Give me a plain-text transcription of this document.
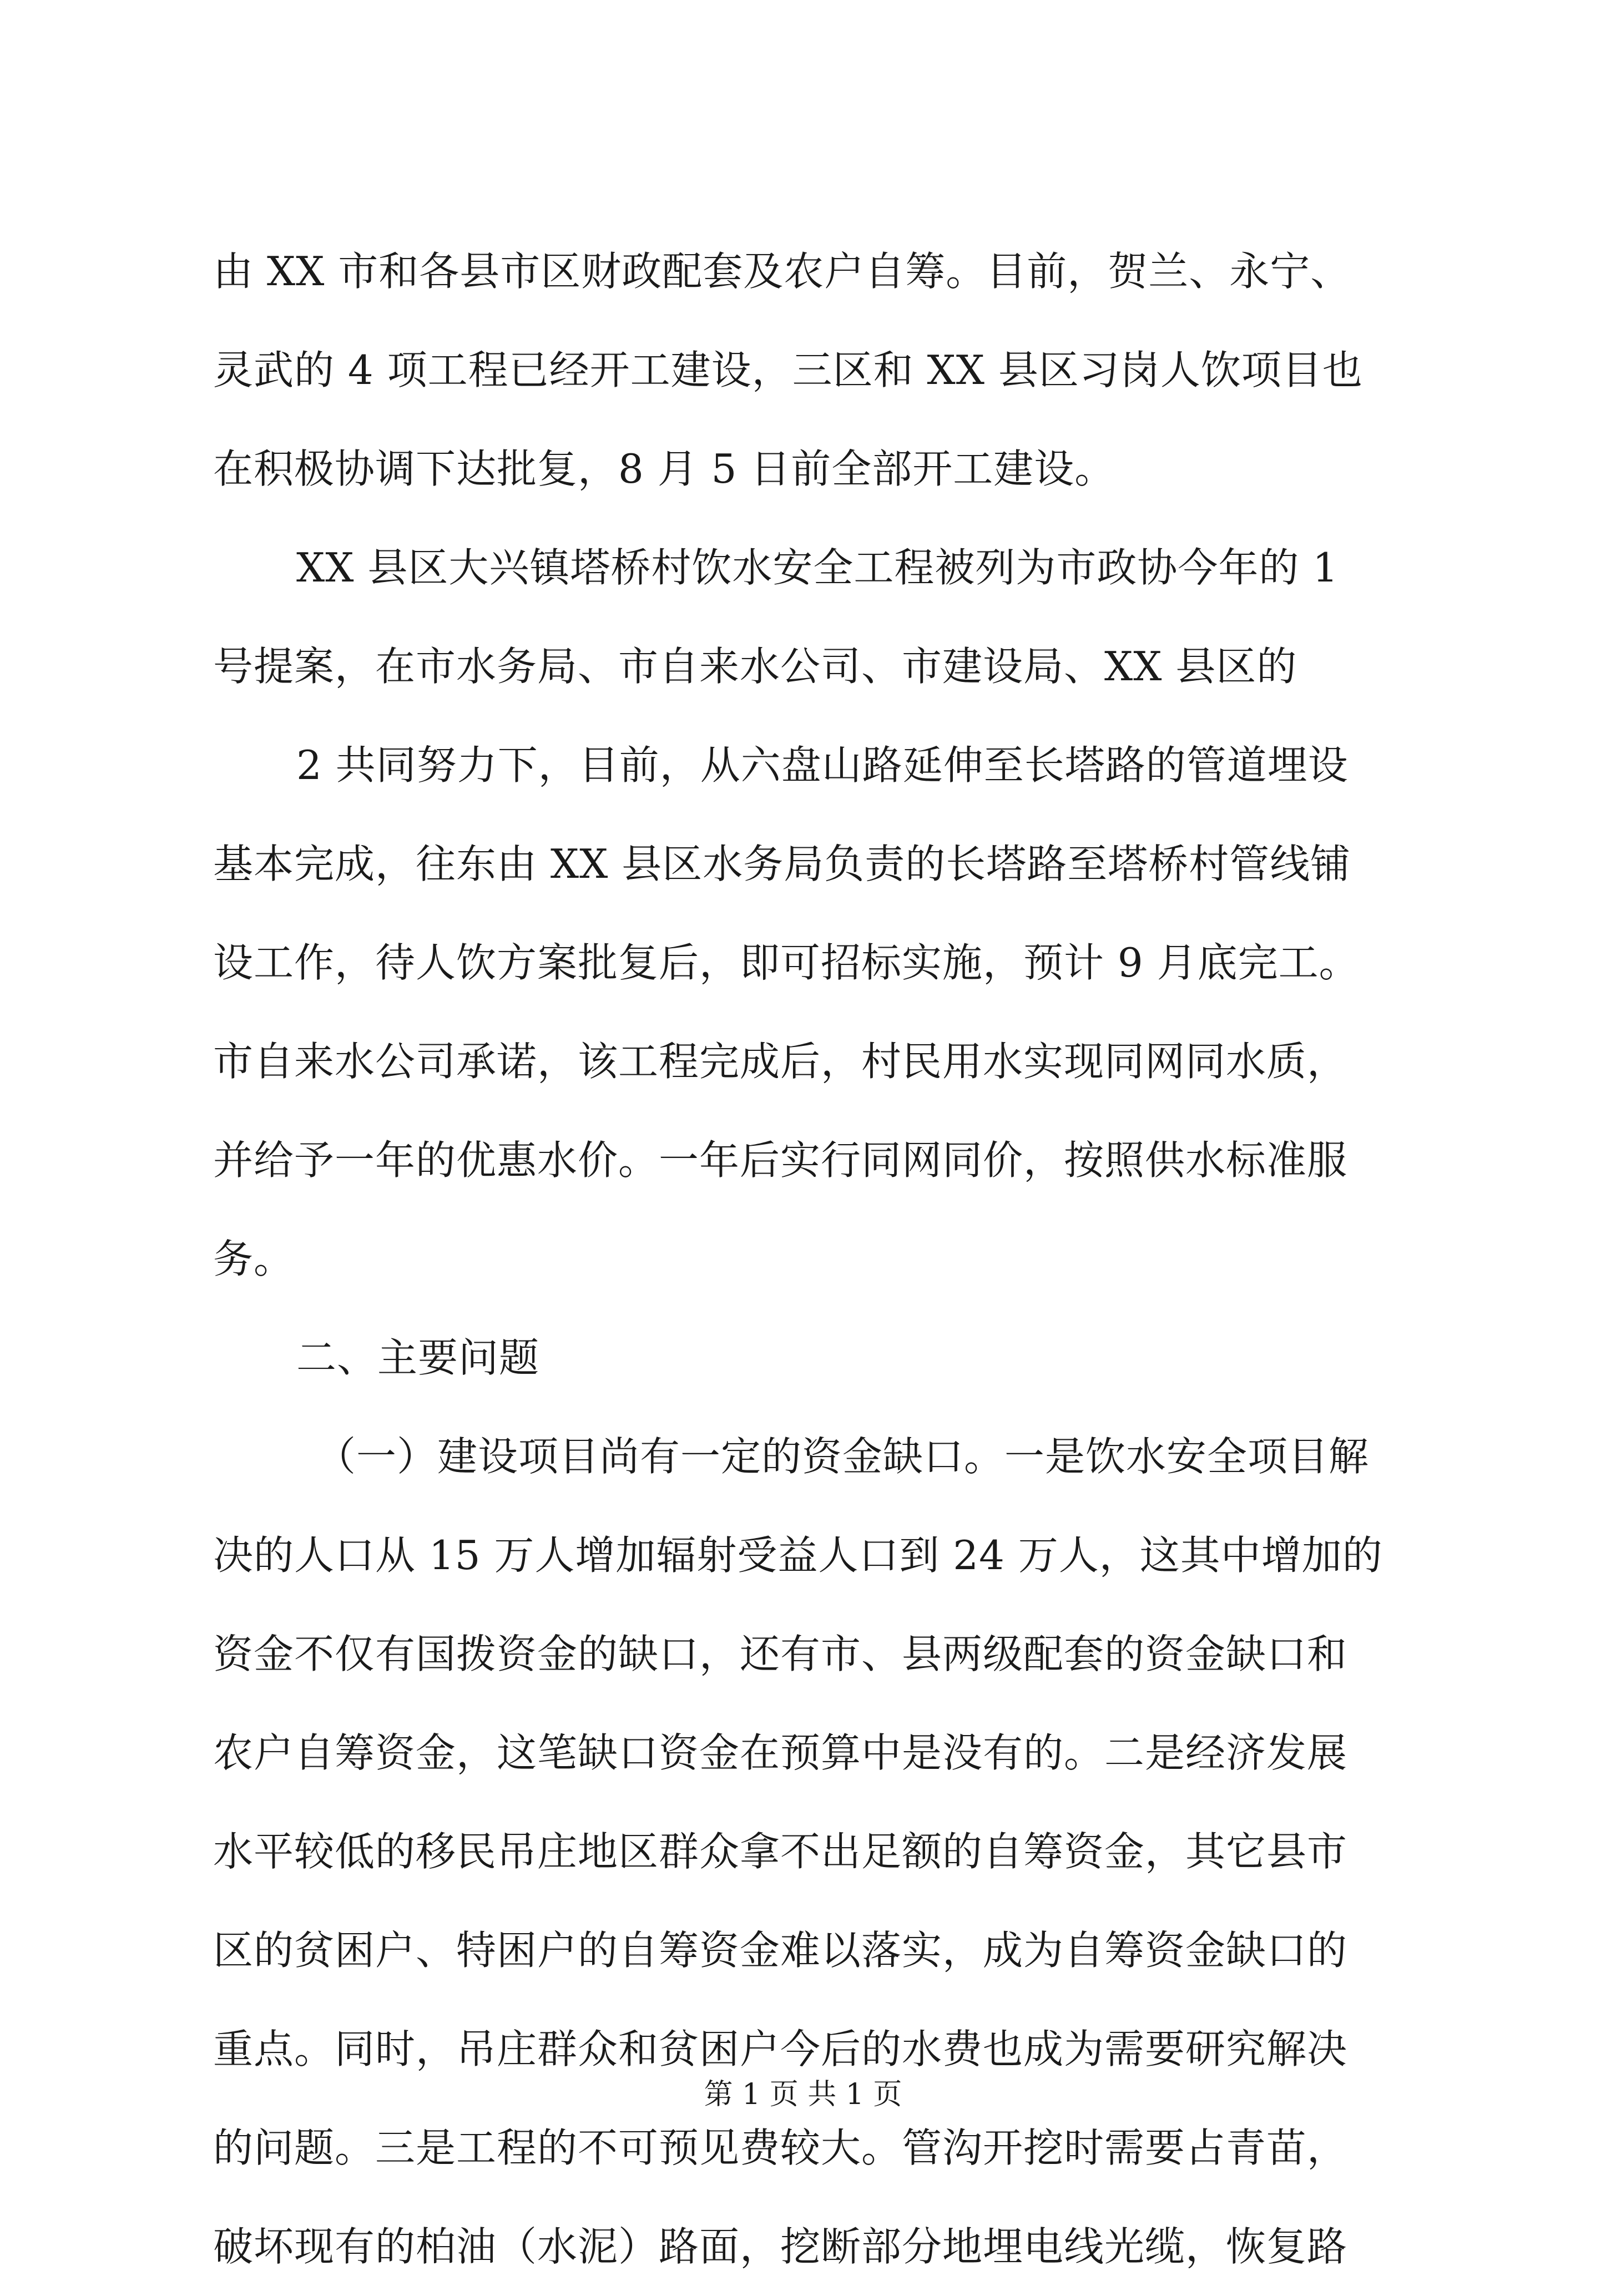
由 XX 市和各县市区财政配套及农户自筹。目前，贺兰、永宁、
灵武的 4 项工程已经开工建设，三区和 XX 县区习岗人饮项目也
在积极协调下达批复，8 月 5 日前全部开工建设。
XX 县区大兴镇塔桥村饮水安全工程被列为市政协今年的 1
号提案，在市水务局、市自来水公司、市建设局、XX 县区的
2 共同努力下，目前，从六盘山路延伸至长塔路的管道埋设
基本完成，往东由 XX 县区水务局负责的长塔路至塔桥村管线铺
设工作，待人饮方案批复后，即可招标实施，预计 9 月底完工。
市自来水公司承诺，该工程完成后，村民用水实现同网同水质，
并给予一年的优惠水价。一年后实行同网同价，按照供水标准服
务。
二、主要问题
（一）建设项目尚有一定的资金缺口。一是饮水安全项目解
决的人口从 15 万人增加辐射受益人口到 24 万人，这其中增加的
资金不仅有国拨资金的缺口，还有市、县两级配套的资金缺口和
农户自筹资金，这笔缺口资金在预算中是没有的。二是经济发展
水平较低的移民吊庄地区群众拿不出足额的自筹资金，其它县市
区的贫困户、特困户的自筹资金难以落实，成为自筹资金缺口的
重点。同时，吊庄群众和贫困户今后的水费也成为需要研究解决
的问题。三是工程的不可预见费较大。管沟开挖时需要占青苗，
破坏现有的柏油（水泥）路面，挖断部分地埋电线光缆，恢复路
第 1 页 共 1 页
